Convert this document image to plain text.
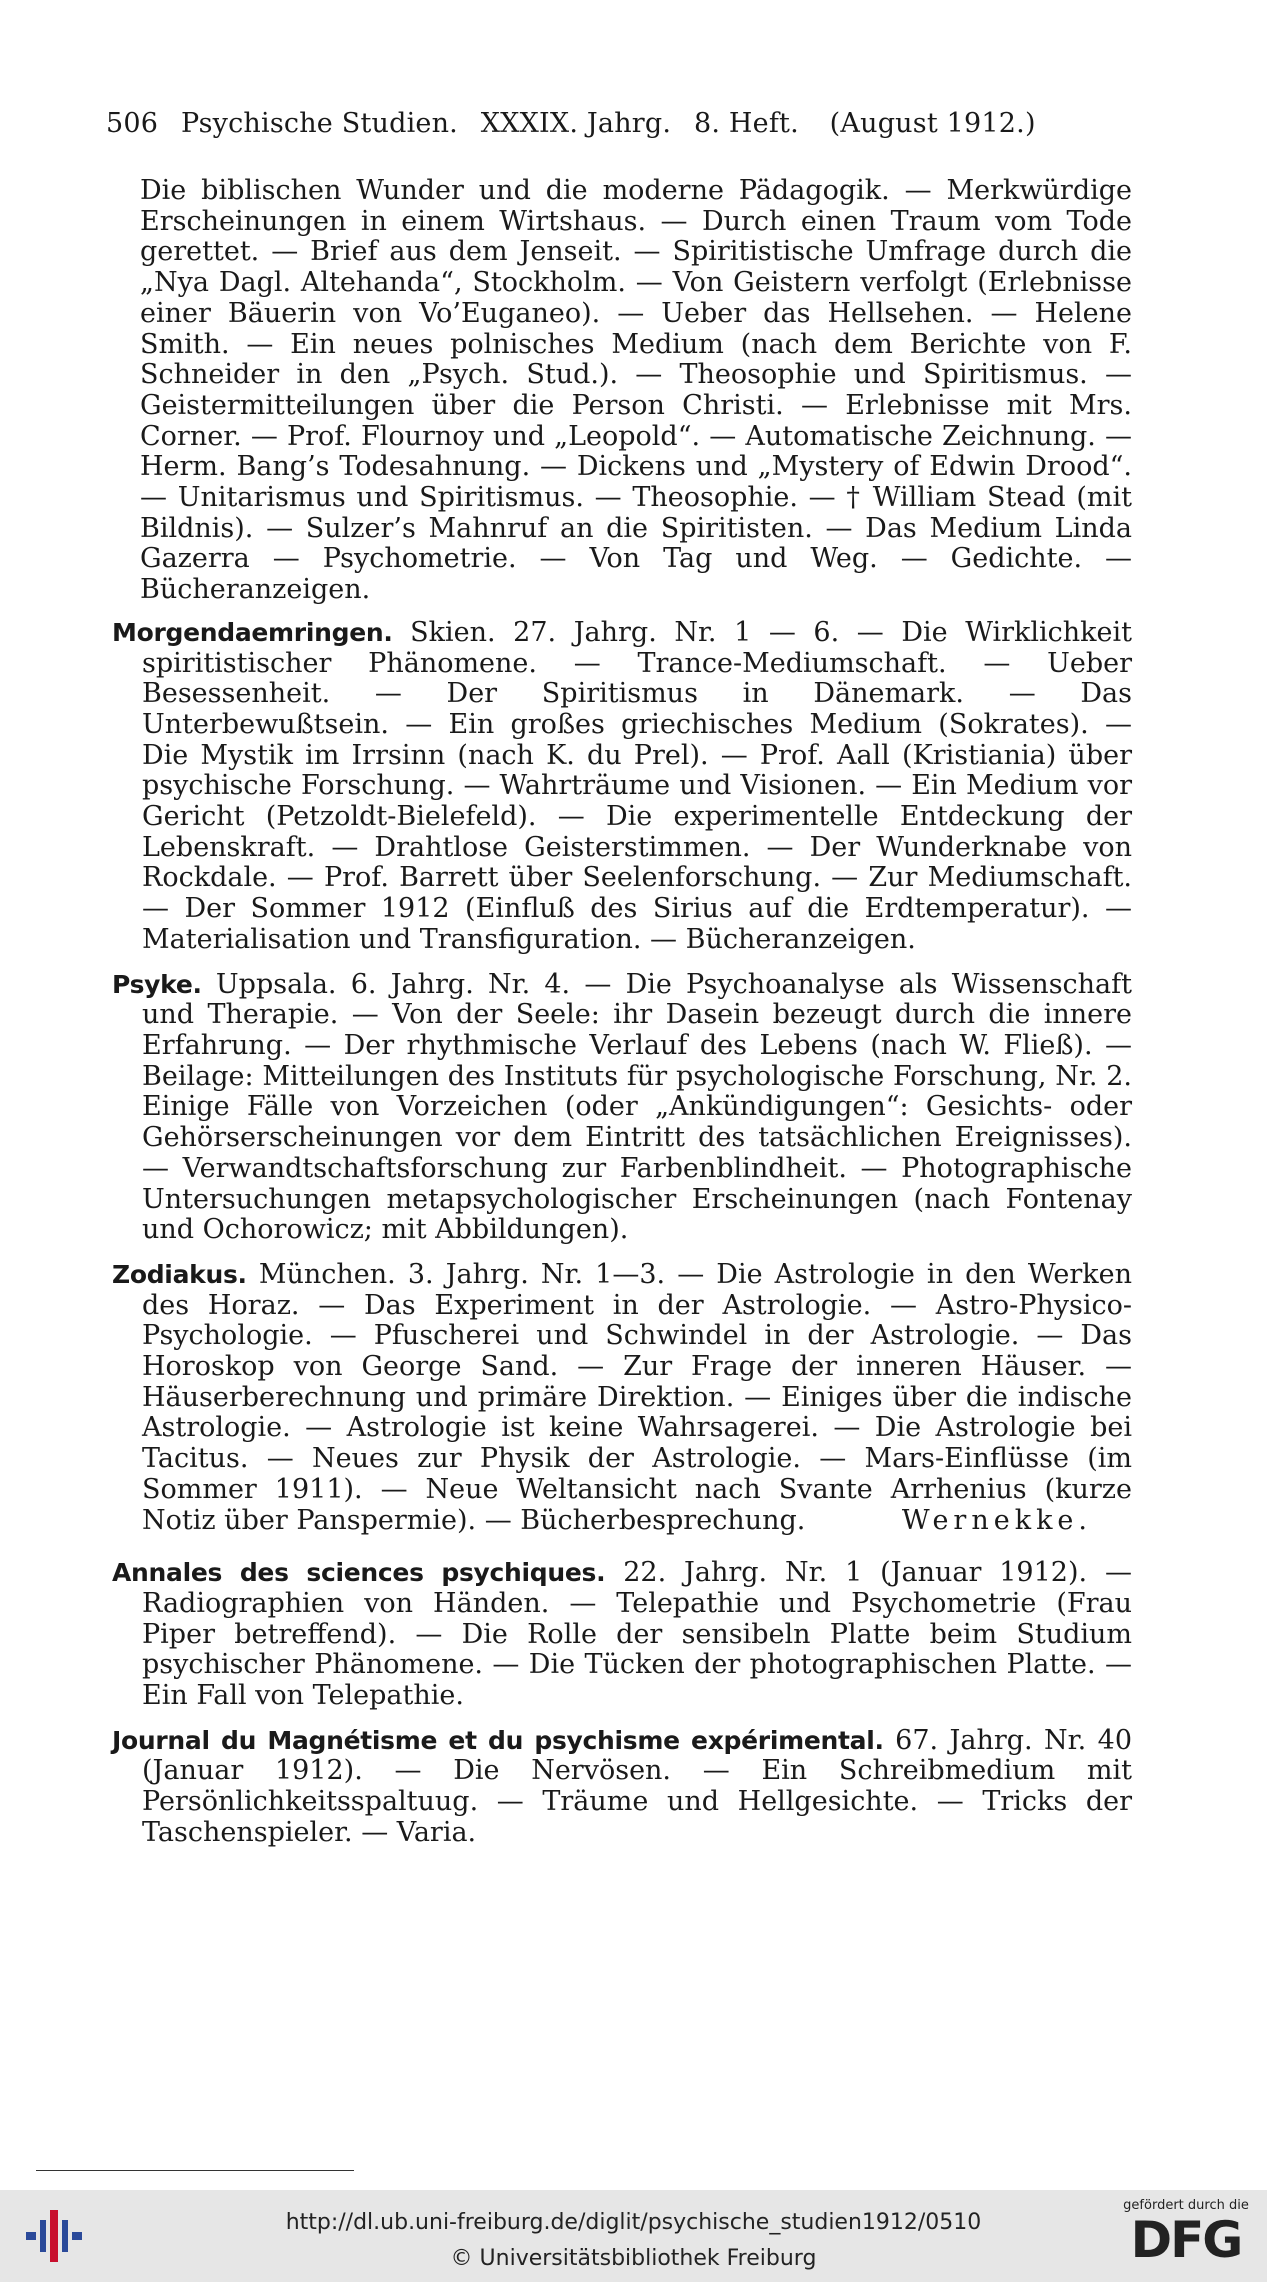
506 Psychische Studien. XXXIX. Jahrg. 8. Heft. (August 1912.)

Die biblischen Wunder und die moderne Pädagogik. — Merkwürdige Erscheinungen in einem Wirtshaus. — Durch einen Traum vom Tode gerettet. — Brief aus dem Jenseit. — Spiritistische Umfrage durch die „Nya Dagl. Altehanda“, Stockholm. — Von Geistern verfolgt (Erlebnisse einer Bäuerin von Vo’Euganeo). — Ueber das Hellsehen. — Helene Smith. — Ein neues polnisches Medium (nach dem Berichte von F. Schneider in den „Psych. Stud.). — Theosophie und Spiritismus. — Geistermitteilungen über die Person Christi. — Erlebnisse mit Mrs. Corner. — Prof. Flournoy und „Leopold“. — Automatische Zeichnung. — Herm. Bang’s Todesahnung. — Dickens und „Mystery of Edwin Drood“. — Unitarismus und Spiritismus. — Theosophie. — † William Stead (mit Bildnis). — Sulzer’s Mahnruf an die Spiritisten. — Das Medium Linda Gazerra — Psychometrie. — Von Tag und Weg. — Gedichte. — Bücheranzeigen.

Morgendaemringen. Skien. 27. Jahrg. Nr. 1 — 6. — Die Wirklichkeit spiritistischer Phänomene. — Trance-Mediumschaft. — Ueber Besessenheit. — Der Spiritismus in Dänemark. — Das Unterbewußtsein. — Ein großes griechisches Medium (Sokrates). — Die Mystik im Irrsinn (nach K. du Prel). — Prof. Aall (Kristiania) über psychische Forschung. — Wahrträume und Visionen. — Ein Medium vor Gericht (Petzoldt-Bielefeld). — Die experimentelle Entdeckung der Lebenskraft. — Drahtlose Geisterstimmen. — Der Wunderknabe von Rockdale. — Prof. Barrett über Seelenforschung. — Zur Mediumschaft. — Der Sommer 1912 (Einfluß des Sirius auf die Erdtemperatur). — Materialisation und Transfiguration. — Bücheranzeigen.

Psyke. Uppsala. 6. Jahrg. Nr. 4. — Die Psychoanalyse als Wissenschaft und Therapie. — Von der Seele: ihr Dasein bezeugt durch die innere Erfahrung. — Der rhythmische Verlauf des Lebens (nach W. Fließ). — Beilage: Mitteilungen des Instituts für psychologische Forschung, Nr. 2. Einige Fälle von Vorzeichen (oder „Ankündigungen“: Gesichts- oder Gehörserscheinungen vor dem Eintritt des tatsächlichen Ereignisses). — Verwandtschaftsforschung zur Farbenblindheit. — Photographische Untersuchungen metapsychologischer Erscheinungen (nach Fontenay und Ochorowicz; mit Abbildungen).

Zodiakus. München. 3. Jahrg. Nr. 1—3. — Die Astrologie in den Werken des Horaz. — Das Experiment in der Astrologie. — Astro-Physico-Psychologie. — Pfuscherei und Schwindel in der Astrologie. — Das Horoskop von George Sand. — Zur Frage der inneren Häuser. — Häuserberechnung und primäre Direktion. — Einiges über die indische Astrologie. — Astrologie ist keine Wahrsagerei. — Die Astrologie bei Tacitus. — Neues zur Physik der Astrologie. — Mars-Einflüsse (im Sommer 1911). — Neue Weltansicht nach Svante Arrhenius (kurze Notiz über Panspermie). — Bücherbesprechung.	Wernekke.

Annales des sciences psychiques. 22. Jahrg. Nr. 1 (Januar 1912). — Radiographien von Händen. — Telepathie und Psychometrie (Frau Piper betreffend). — Die Rolle der sensibeln Platte beim Studium psychischer Phänomene. — Die Tücken der photographischen Platte. — Ein Fall von Telepathie.

Journal du Magnétisme et du psychisme expérimental. 67. Jahrg. Nr. 40 (Januar 1912). — Die Nervösen. — Ein Schreibmedium mit Persönlichkeitsspaltuug. — Träume und Hellgesichte. — Tricks der Taschenspieler. — Varia.

http://dl.ub.uni-freiburg.de/diglit/psychische_studien1912/0510
© Universitätsbibliothek Freiburg
gefördert durch die
DFG
